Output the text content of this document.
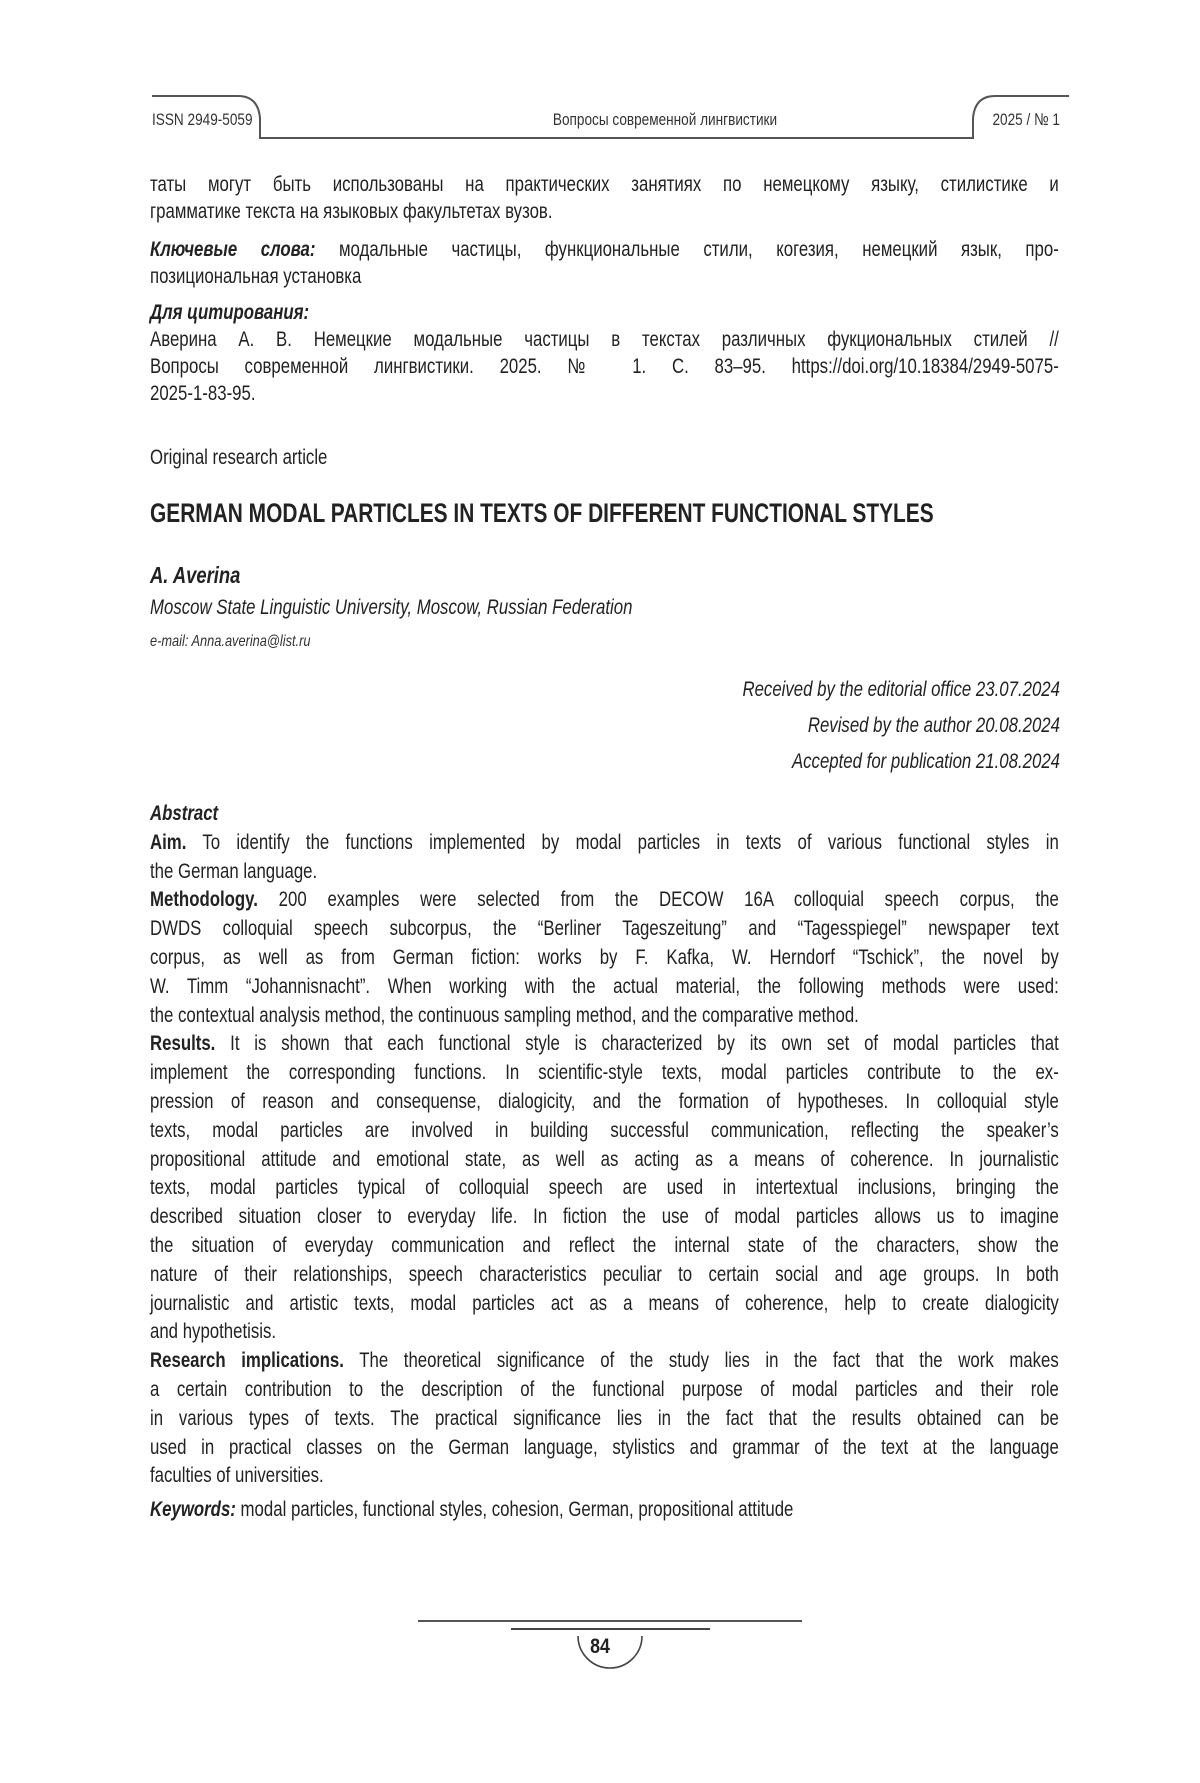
ISSN 2949-5059	Вопросы современной лингвистики	2025 / № 1
таты могут быть использованы на практических занятиях по немецкому языку, стилистике и
грамматике текста на языковых факультетах вузов.
Ключевые слова: модальные частицы, функциональные стили, когезия, немецкий язык, про-
позициональная установка
Для цитирования:
Аверина А. В. Немецкие модальные частицы в текстах различных фукциональных стилей //
Вопросы современной лингвистики. 2025. № 1. С. 83–95. https://doi.org/10.18384/2949-5075-
2025-1-83-95.
Original research article
GERMAN MODAL PARTICLES IN TEXTS OF DIFFERENT FUNCTIONAL STYLES
A. Averina
Moscow State Linguistic University, Moscow, Russian Federation
e-mail: Anna.averina@list.ru
Received by the editorial office 23.07.2024
Revised by the author 20.08.2024
Accepted for publication 21.08.2024
Abstract
Aim. To identify the functions implemented by modal particles in texts of various functional styles in
the German language.
Methodology. 200 examples were selected from the DECOW 16A colloquial speech corpus, the
DWDS colloquial speech subcorpus, the “Berliner Tageszeitung” and “Tagesspiegel” newspaper text
corpus, as well as from German fiction: works by F. Kafka, W. Herndorf “Tschick”, the novel by
W. Timm “Johannisnacht”. When working with the actual material, the following methods were used:
the contextual analysis method, the continuous sampling method, and the comparative method.
Results. It is shown that each functional style is characterized by its own set of modal particles that
implement the corresponding functions. In scientific-style texts, modal particles contribute to the ex-
pression of reason and consequense, dialogicity, and the formation of hypotheses. In colloquial style
texts, modal particles are involved in building successful communication, reflecting the speaker’s
propositional attitude and emotional state, as well as acting as a means of coherence. In journalistic
texts, modal particles typical of colloquial speech are used in intertextual inclusions, bringing the
described situation closer to everyday life. In fiction the use of modal particles allows us to imagine
the situation of everyday communication and reflect the internal state of the characters, show the
nature of their relationships, speech characteristics peculiar to certain social and age groups. In both
journalistic and artistic texts, modal particles act as a means of coherence, help to create dialogicity
and hypothetisis.
Research implications. The theoretical significance of the study lies in the fact that the work makes
a certain contribution to the description of the functional purpose of modal particles and their role
in various types of texts. The practical significance lies in the fact that the results obtained can be
used in practical classes on the German language, stylistics and grammar of the text at the language
faculties of universities.
Keywords: modal particles, functional styles, cohesion, German, propositional attitude
84
